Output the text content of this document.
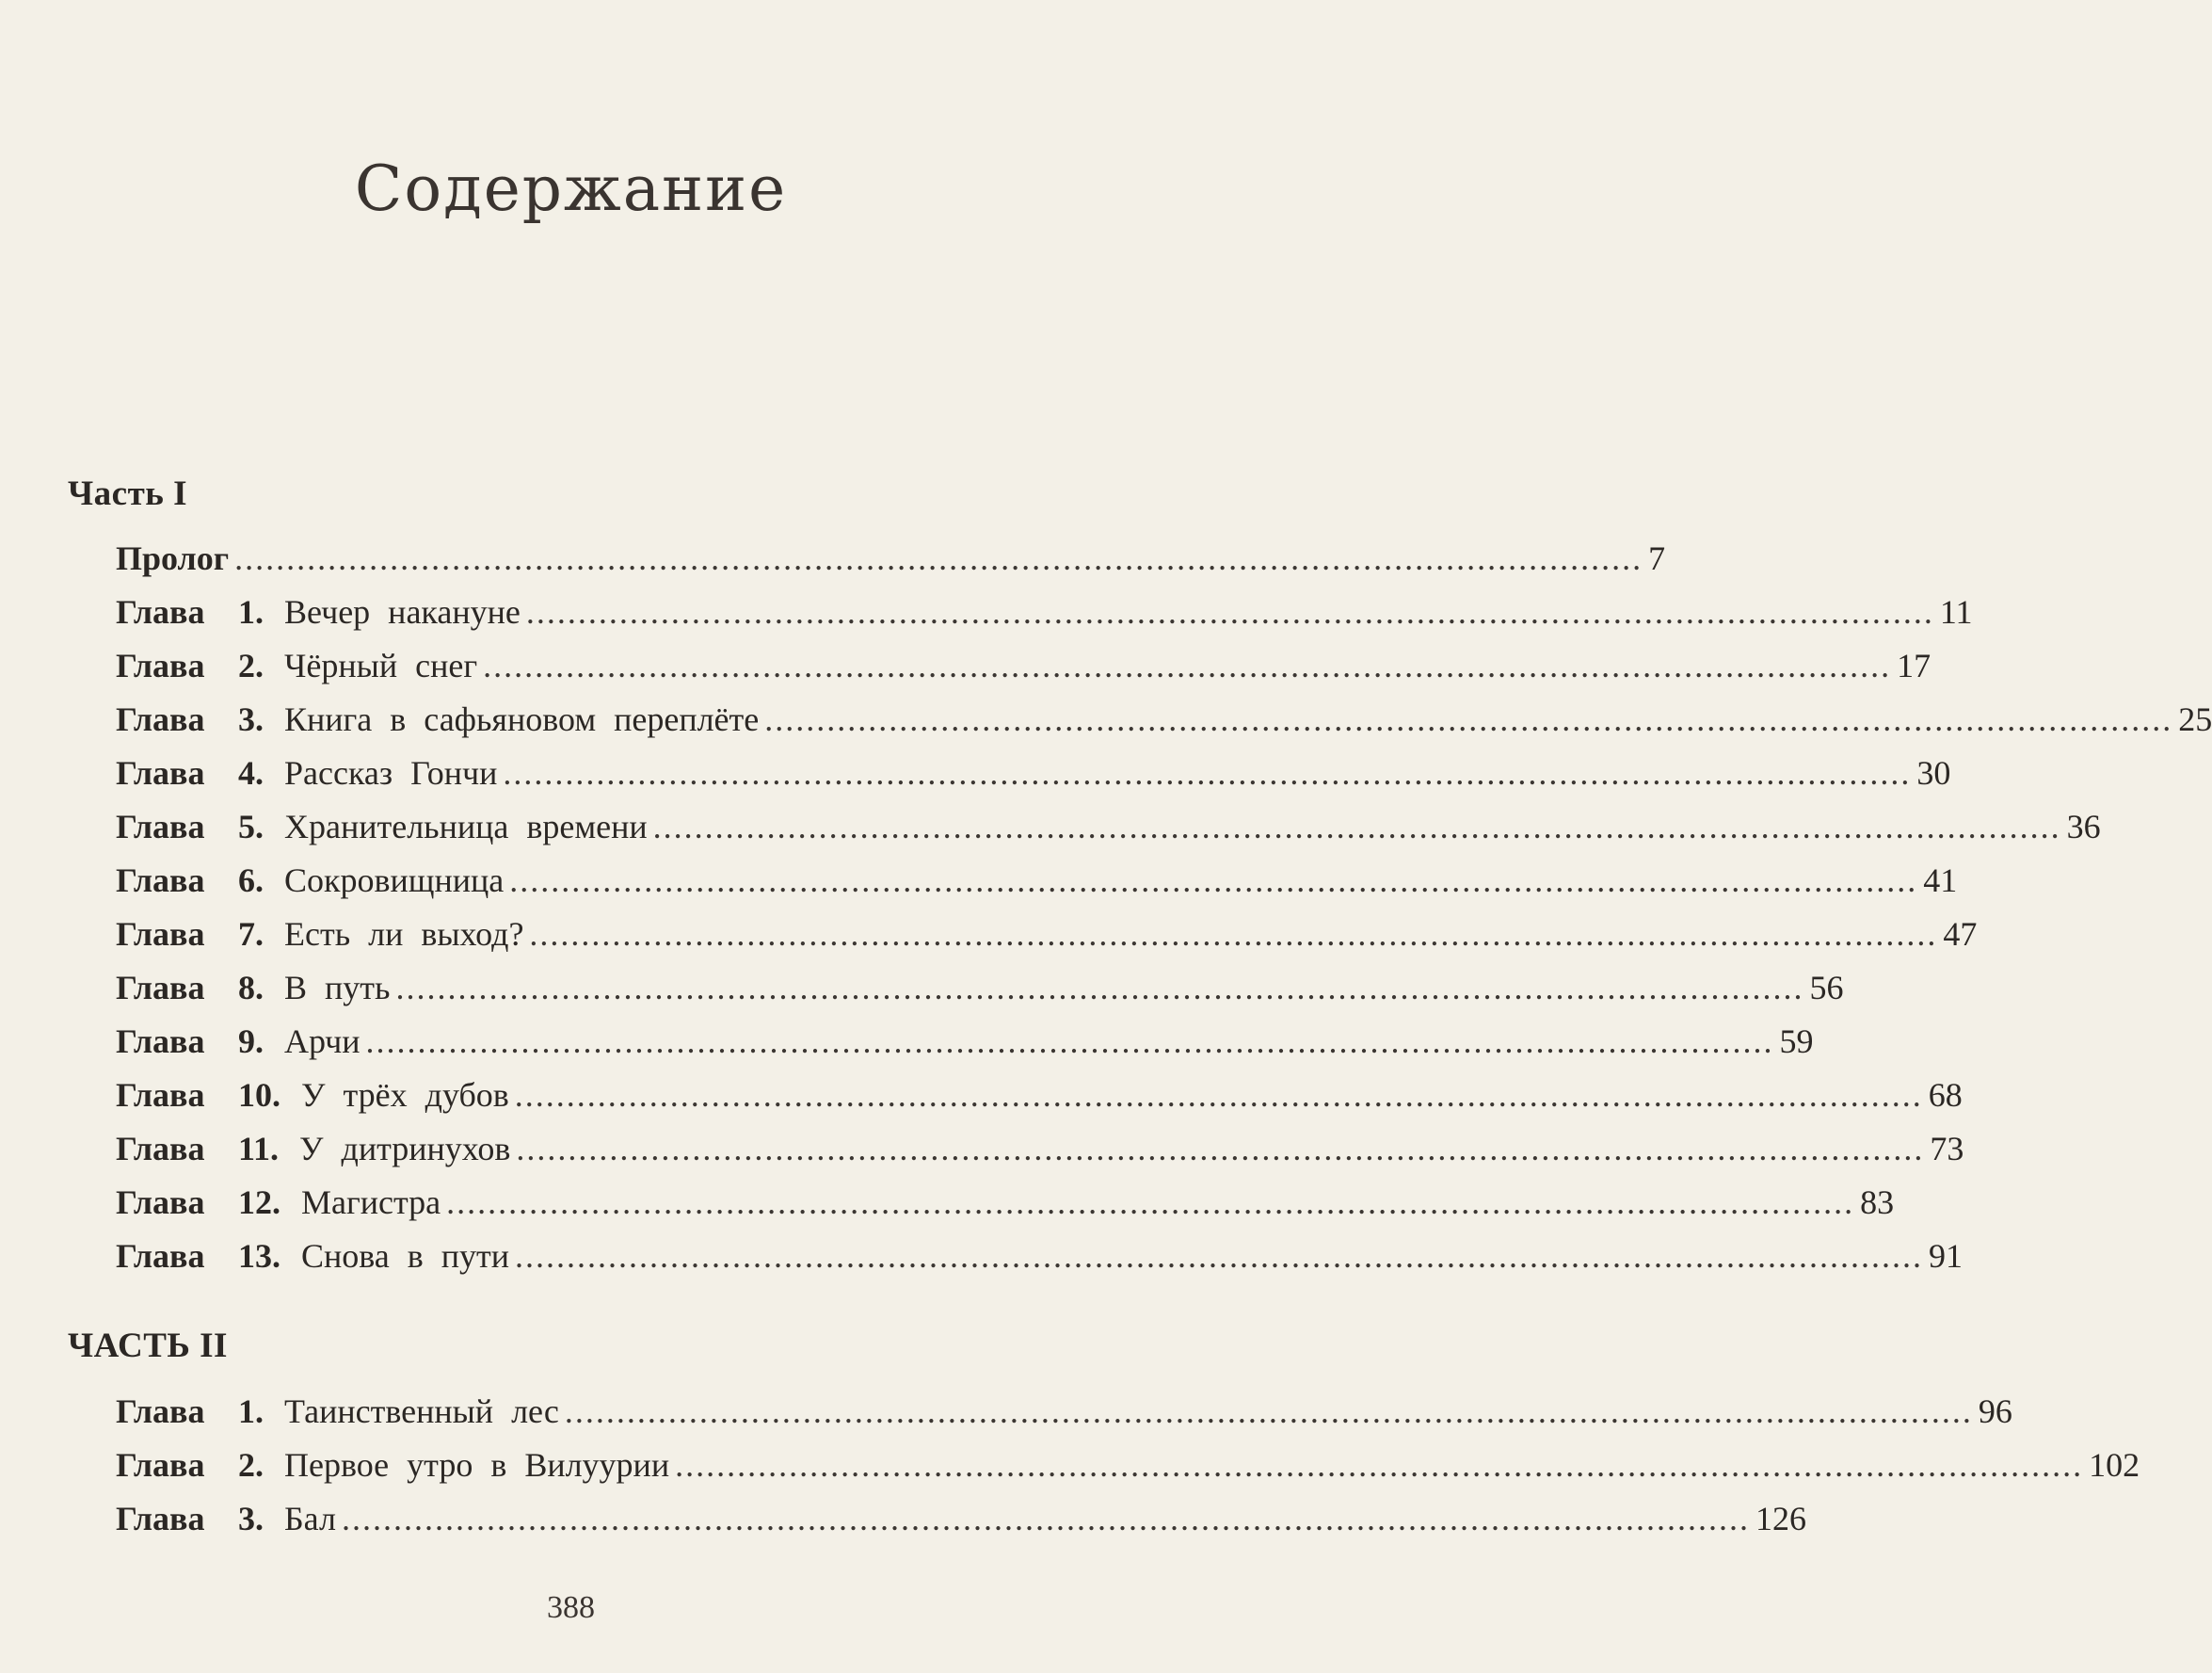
Содержание
Часть I
Пролог ........................................................................................................................................ 7
Глава 1. Вечер накануне ........................................................................................................................................ 11
Глава 2. Чёрный снег ........................................................................................................................................ 17
Глава 3. Книга в сафьяновом переплёте ........................................................................................................................................ 25
Глава 4. Рассказ Гончи ........................................................................................................................................ 30
Глава 5. Хранительница времени ........................................................................................................................................ 36
Глава 6. Сокровищница ........................................................................................................................................ 41
Глава 7. Есть ли выход? ........................................................................................................................................ 47
Глава 8. В путь ........................................................................................................................................ 56
Глава 9. Арчи ........................................................................................................................................ 59
Глава 10. У трёх дубов ........................................................................................................................................ 68
Глава 11. У дитринухов ........................................................................................................................................ 73
Глава 12. Магистра ........................................................................................................................................ 83
Глава 13. Снова в пути ........................................................................................................................................ 91
ЧАСТЬ II
Глава 1. Таинственный лес ........................................................................................................................................ 96
Глава 2. Первое утро в Вилуурии ........................................................................................................................................ 102
Глава 3. Бал ........................................................................................................................................ 126
388
